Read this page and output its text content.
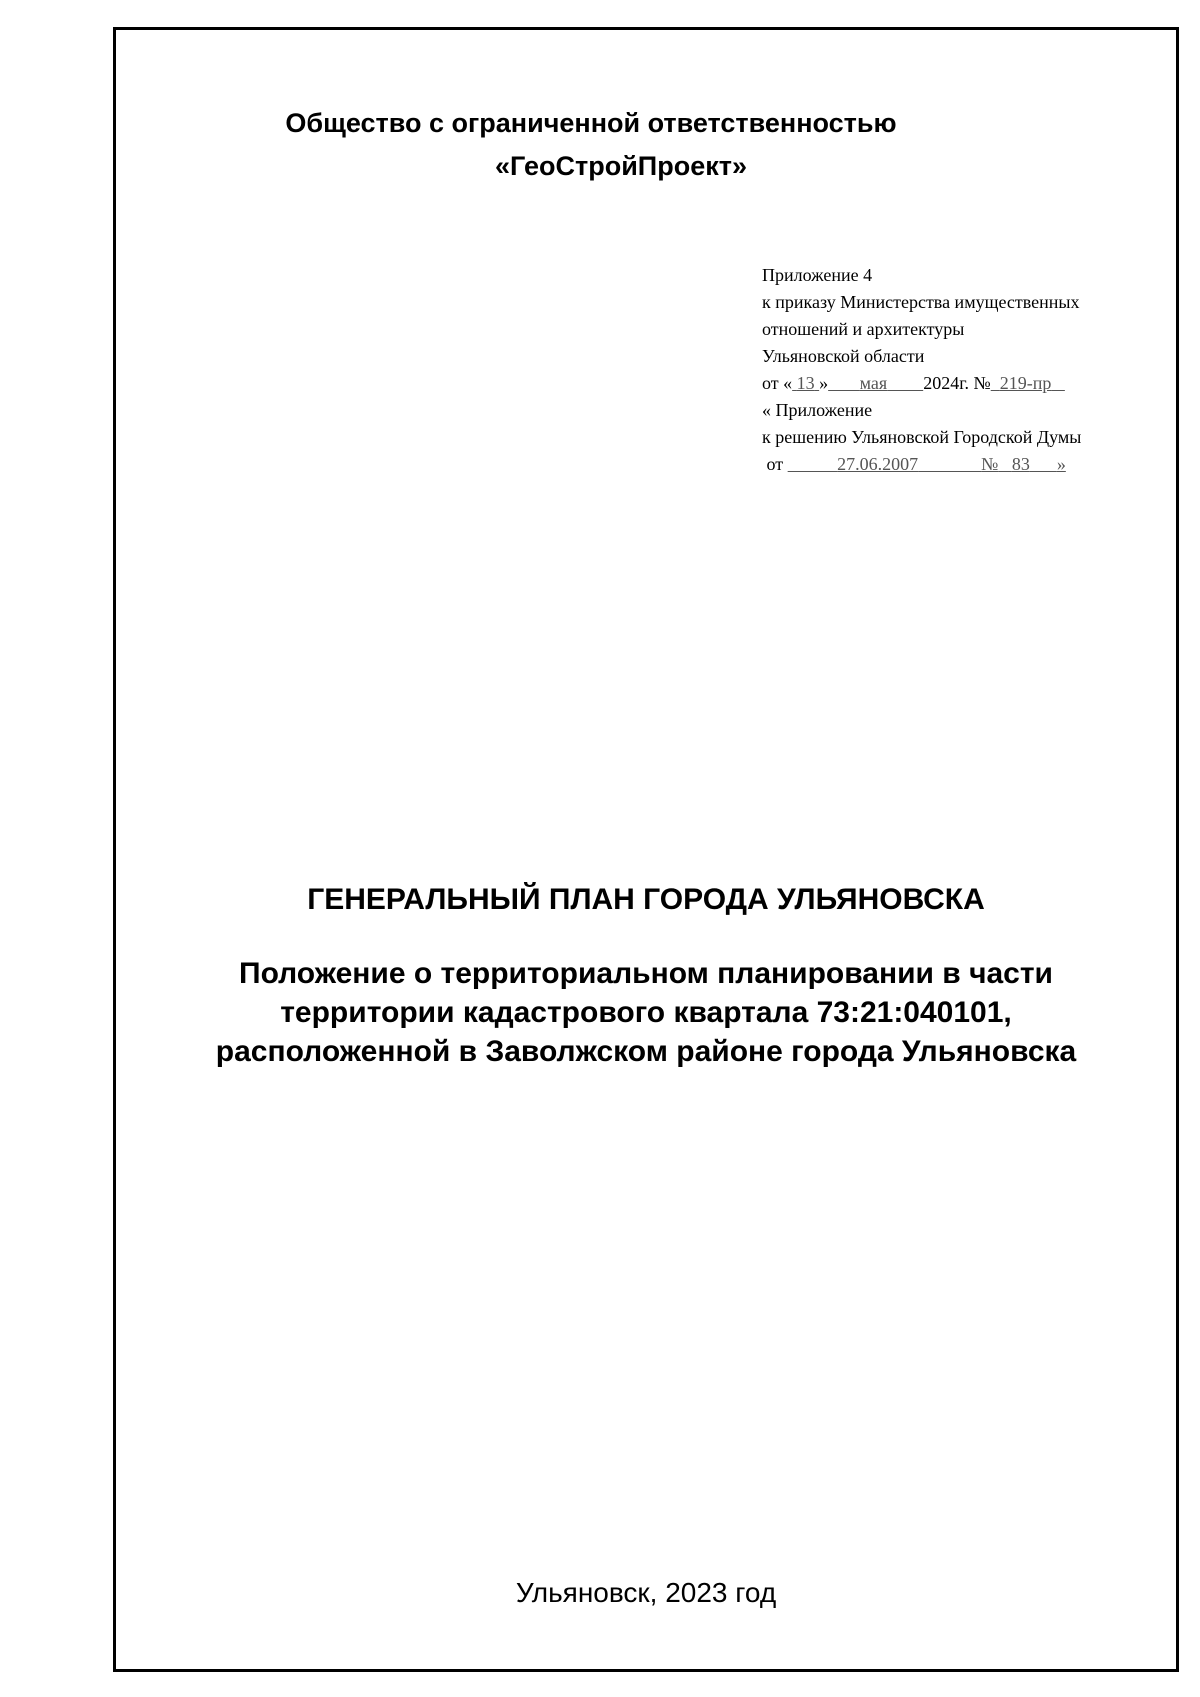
Общество с ограниченной ответственностью
«ГеоСтройПроект»
Приложение 4
к приказу Министерства имущественных
отношений и архитектуры
Ульяновской области
от « 13 » мая 2024г. № 219-пр
« Приложение
к решению Ульяновской Городской Думы
от	27.06.2007	№ 83 »
ГЕНЕРАЛЬНЫЙ ПЛАН ГОРОДА УЛЬЯНОВСКА
Положение о территориальном планировании в части
территории кадастрового квартала 73:21:040101,
расположенной в Заволжском районе города Ульяновска
Ульяновск, 2023 год
